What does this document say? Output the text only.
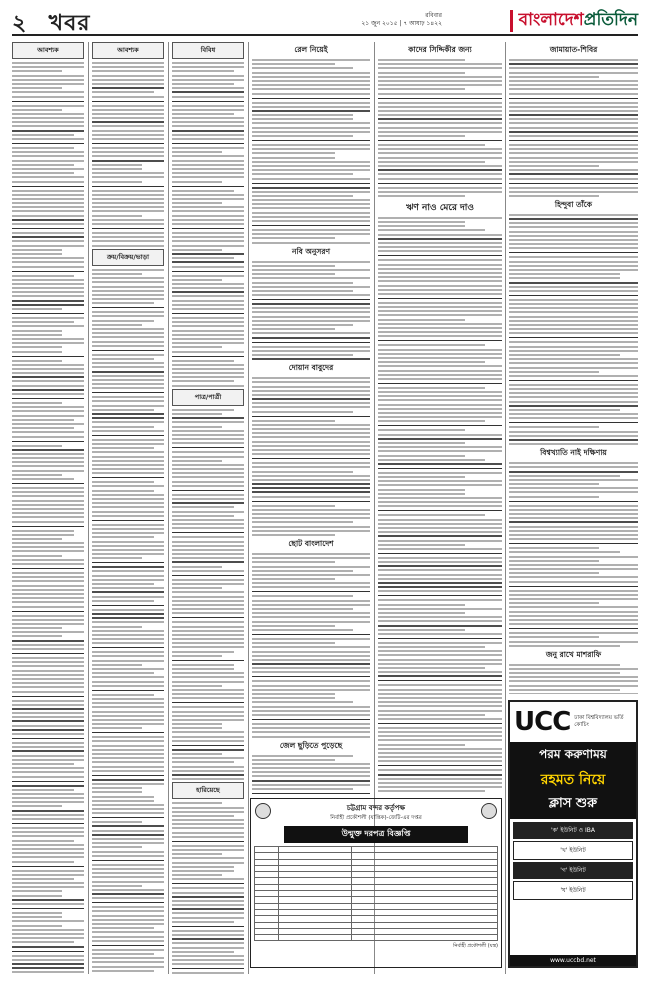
২ খবর	রবিবার
২১ জুন ২০১৫ | ৭ আষাঢ় ১৪২২	বাংলাদেশপ্রতিদিন
আবশ্যক	আবশ্যক
ক্রয়/বিক্রয়/ভাড়া
বিবিধ
পাত্র/পাত্রী
হারিয়েছে
রেল নিয়েই
নবি অনুসরণ
দোয়ান বাবুদের
ছোট বাংলাদেশ
জেল ছুড়িতে পুড়েছে
কাদের সিদ্দিকীর জন্য
ঋণ নাও মেরে দাও
জামায়াত-শিবির
হিন্দুবা তাঁকে
বিশ্বখ্যাতি নাই দক্ষিণায়
জনু রাখে মাশরাফি
চট্টগ্রাম বন্দর কর্তৃপক্ষ
নির্বাহী প্রকৌশলী (যান্ত্রিক)-জেটি-এর দপ্তর
উন্মুক্ত দরপত্র বিজ্ঞপ্তি

নির্বাহী প্রকৌশলী (যন্ত্র)
UCC ঢাকা বিশ্ববিদ্যালয় ভর্তি কোচিং
পরম করুণাময়
রহমত নিয়ে
ক্লাস শুরু
'ক' ইউনিট ও IBA
'খ' ইউনিট
'গ' ইউনিট
'ঘ' ইউনিট
www.uccbd.net
